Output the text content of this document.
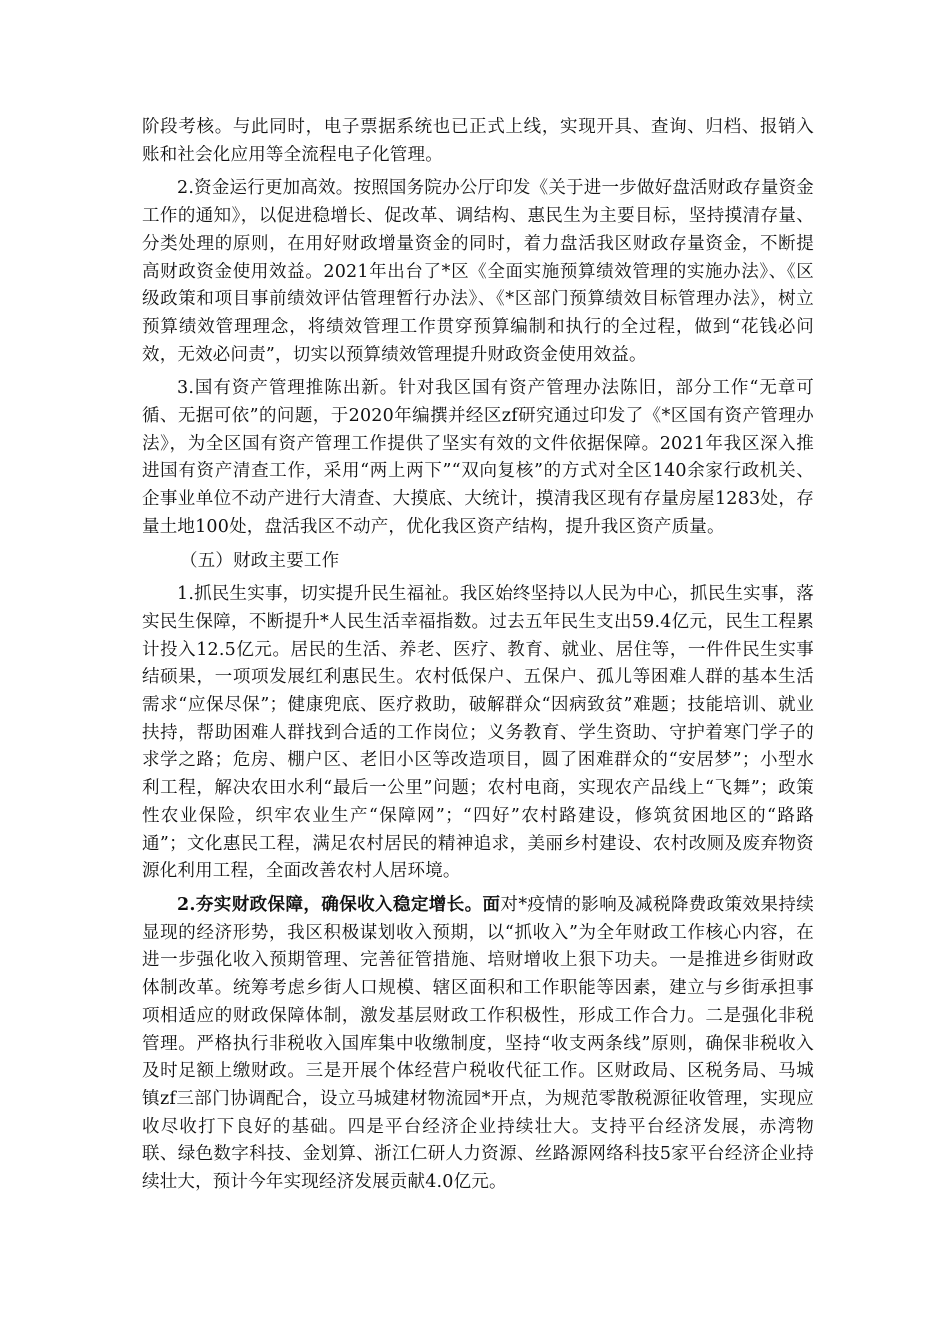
阶段考核。与此同时，电子票据系统也已正式上线，实现开具、查询、归档、报销入账和社会化应用等全流程电子化管理。

2.资金运行更加高效。按照国务院办公厅印发《关于进一步做好盘活财政存量资金工作的通知》，以促进稳增长、促改革、调结构、惠民生为主要目标，坚持摸清存量、分类处理的原则，在用好财政增量资金的同时，着力盘活我区财政存量资金，不断提高财政资金使用效益。2021年出台了*区《全面实施预算绩效管理的实施办法》、《区级政策和项目事前绩效评估管理暂行办法》、《*区部门预算绩效目标管理办法》，树立预算绩效管理理念，将绩效管理工作贯穿预算编制和执行的全过程，做到“花钱必问效，无效必问责”，切实以预算绩效管理提升财政资金使用效益。

3.国有资产管理推陈出新。针对我区国有资产管理办法陈旧，部分工作“无章可循、无据可依”的问题，于2020年编撰并经区zf研究通过印发了《*区国有资产管理办法》，为全区国有资产管理工作提供了坚实有效的文件依据保障。2021年我区深入推进国有资产清查工作，采用“两上两下”“双向复核”的方式对全区140余家行政机关、企事业单位不动产进行大清查、大摸底、大统计，摸清我区现有存量房屋1283处，存量土地100处，盘活我区不动产，优化我区资产结构，提升我区资产质量。

（五）财政主要工作

1.抓民生实事，切实提升民生福祉。我区始终坚持以人民为中心，抓民生实事，落实民生保障，不断提升*人民生活幸福指数。过去五年民生支出59.4亿元，民生工程累计投入12.5亿元。居民的生活、养老、医疗、教育、就业、居住等，一件件民生实事结硕果，一项项发展红利惠民生。农村低保户、五保户、孤儿等困难人群的基本生活需求“应保尽保”；健康兜底、医疗救助，破解群众“因病致贫”难题；技能培训、就业扶持，帮助困难人群找到合适的工作岗位；义务教育、学生资助、守护着寒门学子的求学之路；危房、棚户区、老旧小区等改造项目，圆了困难群众的“安居梦”；小型水利工程，解决农田水利“最后一公里”问题；农村电商，实现农产品线上“飞舞”；政策性农业保险，织牢农业生产“保障网”；“四好”农村路建设，修筑贫困地区的“路路通”；文化惠民工程，满足农村居民的精神追求，美丽乡村建设、农村改厕及废弃物资源化利用工程，全面改善农村人居环境。

2.夯实财政保障，确保收入稳定增长。面对*疫情的影响及减税降费政策效果持续显现的经济形势，我区积极谋划收入预期，以“抓收入”为全年财政工作核心内容，在进一步强化收入预期管理、完善征管措施、培财增收上狠下功夫。一是推进乡街财政体制改革。统筹考虑乡街人口规模、辖区面积和工作职能等因素，建立与乡街承担事项相适应的财政保障体制，激发基层财政工作积极性，形成工作合力。二是强化非税管理。严格执行非税收入国库集中收缴制度，坚持“收支两条线”原则，确保非税收入及时足额上缴财政。三是开展个体经营户税收代征工作。区财政局、区税务局、马城镇zf三部门协调配合，设立马城建材物流园*开点，为规范零散税源征收管理，实现应收尽收打下良好的基础。四是平台经济企业持续壮大。支持平台经济发展，赤湾物联、绿色数字科技、金划算、浙江仁研人力资源、丝路源网络科技5家平台经济企业持续壮大，预计今年实现经济发展贡献4.0亿元。
